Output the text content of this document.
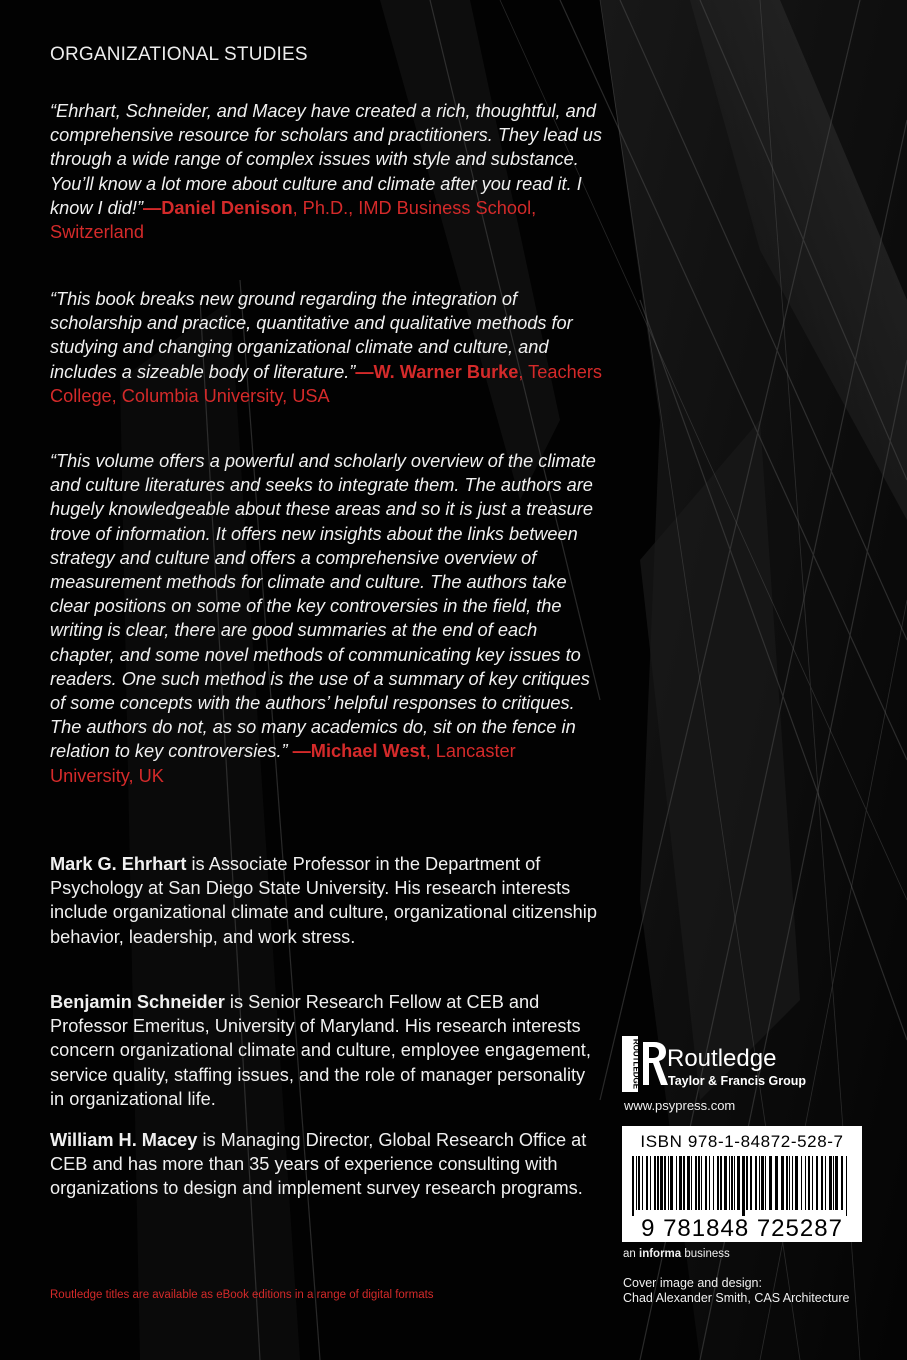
ORGANIZATIONAL STUDIES

“Ehrhart, Schneider, and Macey have created a rich, thoughtful, and comprehensive resource for scholars and practitioners. They lead us through a wide range of complex issues with style and substance. You’ll know a lot more about culture and climate after you read it. I know I did!”—Daniel Denison, Ph.D., IMD Business School, Switzerland

“This book breaks new ground regarding the integration of scholarship and practice, quantitative and qualitative methods for studying and changing organizational climate and culture, and includes a sizeable body of literature.”—W. Warner Burke, Teachers College, Columbia University, USA

“This volume offers a powerful and scholarly overview of the climate and culture literatures and seeks to integrate them. The authors are hugely knowledgeable about these areas and so it is just a treasure trove of information. It offers new insights about the links between strategy and culture and offers a comprehensive overview of measurement methods for climate and culture. The authors take clear positions on some of the key controversies in the field, the writing is clear, there are good summaries at the end of each chapter, and some novel methods of communicating key issues to readers. One such method is the use of a summary of key critiques of some concepts with the authors’ helpful responses to critiques. The authors do not, as so many academics do, sit on the fence in relation to key controversies.” —Michael West, Lancaster University, UK

Mark G. Ehrhart is Associate Professor in the Department of Psychology at San Diego State University. His research interests include organizational climate and culture, organizational citizenship behavior, leadership, and work stress.

Benjamin Schneider is Senior Research Fellow at CEB and Professor Emeritus, University of Maryland. His research interests concern organizational climate and culture, employee engagement, service quality, staffing issues, and the role of manager personality in organizational life.

William H. Macey is Managing Director, Global Research Office at CEB and has more than 35 years of experience consulting with organizations to design and implement survey research programs.

Routledge titles are available as eBook editions in a range of digital formats
ROUTLEDGE Routledge
Taylor & Francis Group
www.psypress.com
ISBN 978-1-84872-528-7
9 781848 725287
an informa business
Cover image and design:
Chad Alexander Smith, CAS Architecture
